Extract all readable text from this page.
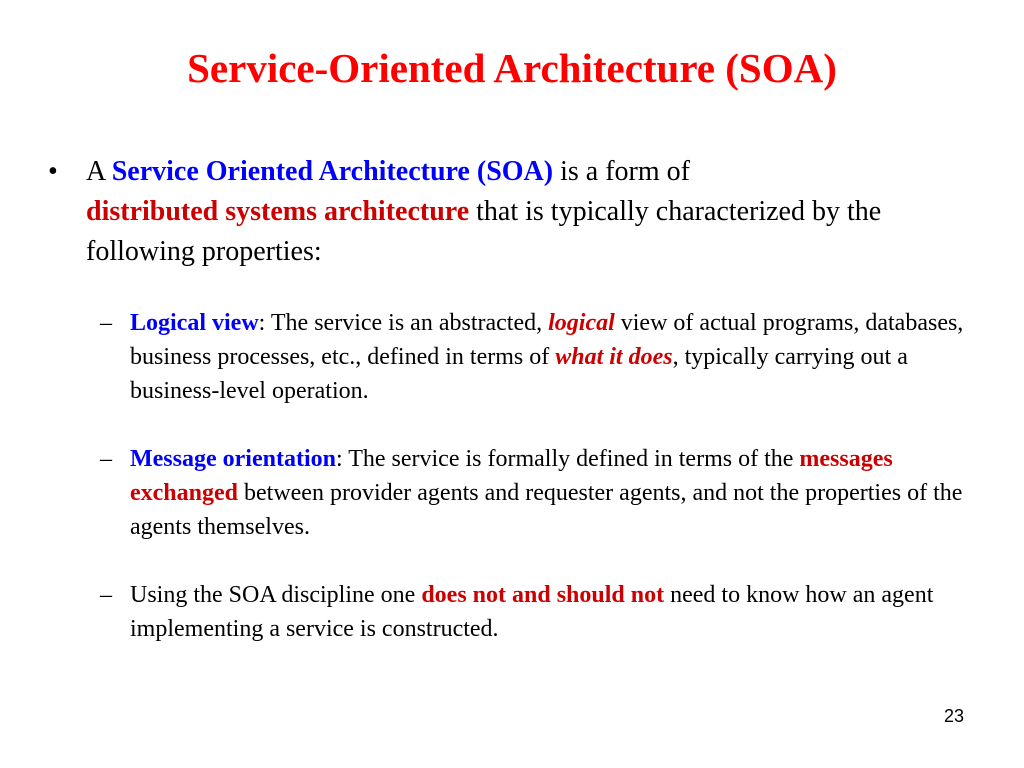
Service-Oriented Architecture (SOA)
• A Service Oriented Architecture (SOA) is a form of
distributed systems architecture that is typically characterized by the following properties:
– Logical view: The service is an abstracted, logical view of actual programs, databases, business processes, etc., defined in terms of what it does, typically carrying out a business-level operation.
– Message orientation: The service is formally defined in terms of the messages exchanged between provider agents and requester agents, and not the properties of the agents themselves.
– Using the SOA discipline one does not and should not need to know how an agent implementing a service is constructed.
23
